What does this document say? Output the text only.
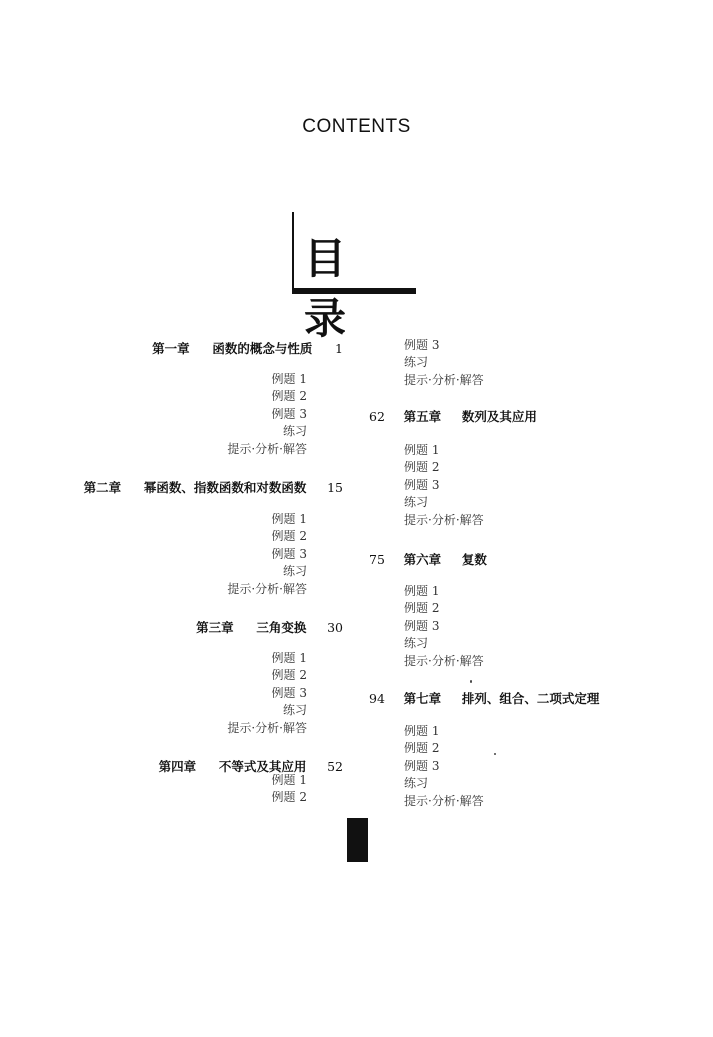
CONTENTS
目 录
第一章 函数的概念与性质 1
例题 1
例题 2
例题 3
练习
提示·分析·解答
第二章 幂函数、指数函数和对数函数 15
例题 1
例题 2
例题 3
练习
提示·分析·解答
第三章 三角变换 30
例题 1
例题 2
例题 3
练习
提示·分析·解答
第四章 不等式及其应用 52
例题 1
例题 2
例题 3
练习
提示·分析·解答
62 第五章 数列及其应用
例题 1
例题 2
例题 3
练习
提示·分析·解答
75 第六章 复数
例题 1
例题 2
例题 3
练习
提示·分析·解答
94 第七章 排列、组合、二项式定理
例题 1
例题 2
例题 3
练习
提示·分析·解答
